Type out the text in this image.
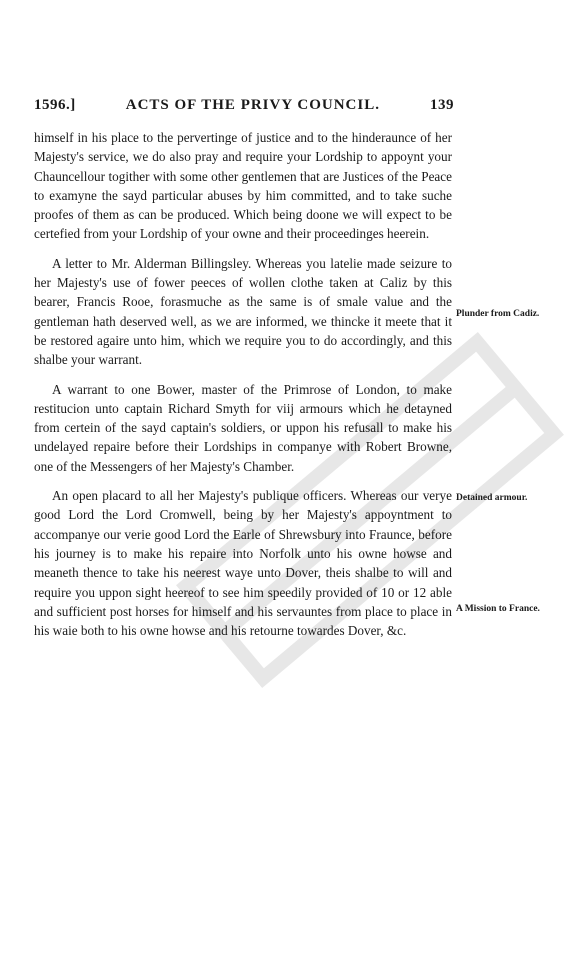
1596.]	ACTS OF THE PRIVY COUNCIL.	139

himself in his place to the pervertinge of justice and to the hinderaunce of her Majesty's service, we do also pray and require your Lordship to appoynt your Chauncellour togither with some other gentlemen that are Justices of the Peace to examyne the sayd particular abuses by him committed, and to take suche proofes of them as can be produced. Which being doone we will expect to be certefied from your Lordship of your owne and their proceedinges heerein.

A letter to Mr. Alderman Billingsley. Whereas you latelie made seizure to her Majesty's use of fower peeces of wollen clothe taken at Caliz by this bearer, Francis Rooe, forasmuche as the same is of smale value and the gentleman hath deserved well, as we are informed, we thincke it meete that it be restored agaire unto him, which we require you to do accordingly, and this shalbe your warrant.

A warrant to one Bower, master of the Primrose of London, to make restitucion unto captain Richard Smyth for viij armours which he detayned from certein of the sayd captain's soldiers, or uppon his refusall to make his undelayed repaire before their Lordships in companye with Robert Browne, one of the Messengers of her Majesty's Chamber.

An open placard to all her Majesty's publique officers. Whereas our verye good Lord the Lord Cromwell, being by her Majesty's appoyntment to accompanye our verie good Lord the Earle of Shrewsbury into Fraunce, before his journey is to make his repaire into Norfolk unto his owne howse and meaneth thence to take his neerest waye unto Dover, theis shalbe to will and require you uppon sight heereof to see him speedily provided of 10 or 12 able and sufficient post horses for himself and his servauntes from place to place in his waie both to his owne howse and his retourne towardes Dover, &c.

Plunder from Cadiz.
Detained armour.
A Mission to France.
